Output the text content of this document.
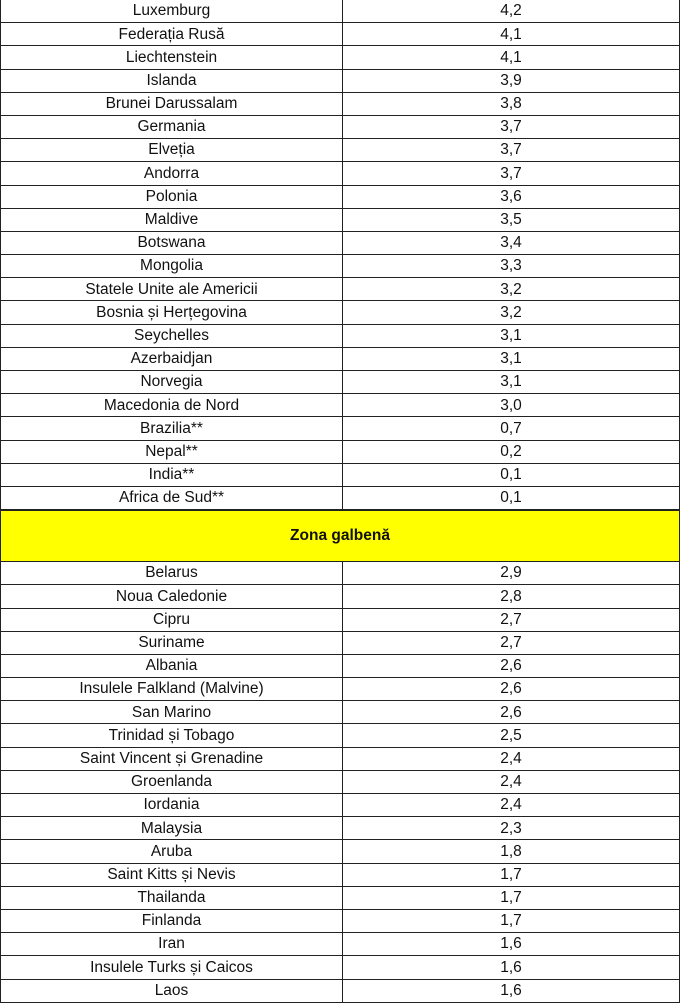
Luxemburg	4,2
Federația Rusă	4,1
Liechtenstein	4,1
Islanda	3,9
Brunei Darussalam	3,8
Germania	3,7
Elveția	3,7
Andorra	3,7
Polonia	3,6
Maldive	3,5
Botswana	3,4
Mongolia	3,3
Statele Unite ale Americii	3,2
Bosnia și Herțegovina	3,2
Seychelles	3,1
Azerbaidjan	3,1
Norvegia	3,1
Macedonia de Nord	3,0
Brazilia**	0,7
Nepal**	0,2
India**	0,1
Africa de Sud**	0,1
Zona galbenă
Belarus	2,9
Noua Caledonie	2,8
Cipru	2,7
Suriname	2,7
Albania	2,6
Insulele Falkland (Malvine)	2,6
San Marino	2,6
Trinidad și Tobago	2,5
Saint Vincent și Grenadine	2,4
Groenlanda	2,4
Iordania	2,4
Malaysia	2,3
Aruba	1,8
Saint Kitts și Nevis	1,7
Thailanda	1,7
Finlanda	1,7
Iran	1,6
Insulele Turks și Caicos	1,6
Laos	1,6
